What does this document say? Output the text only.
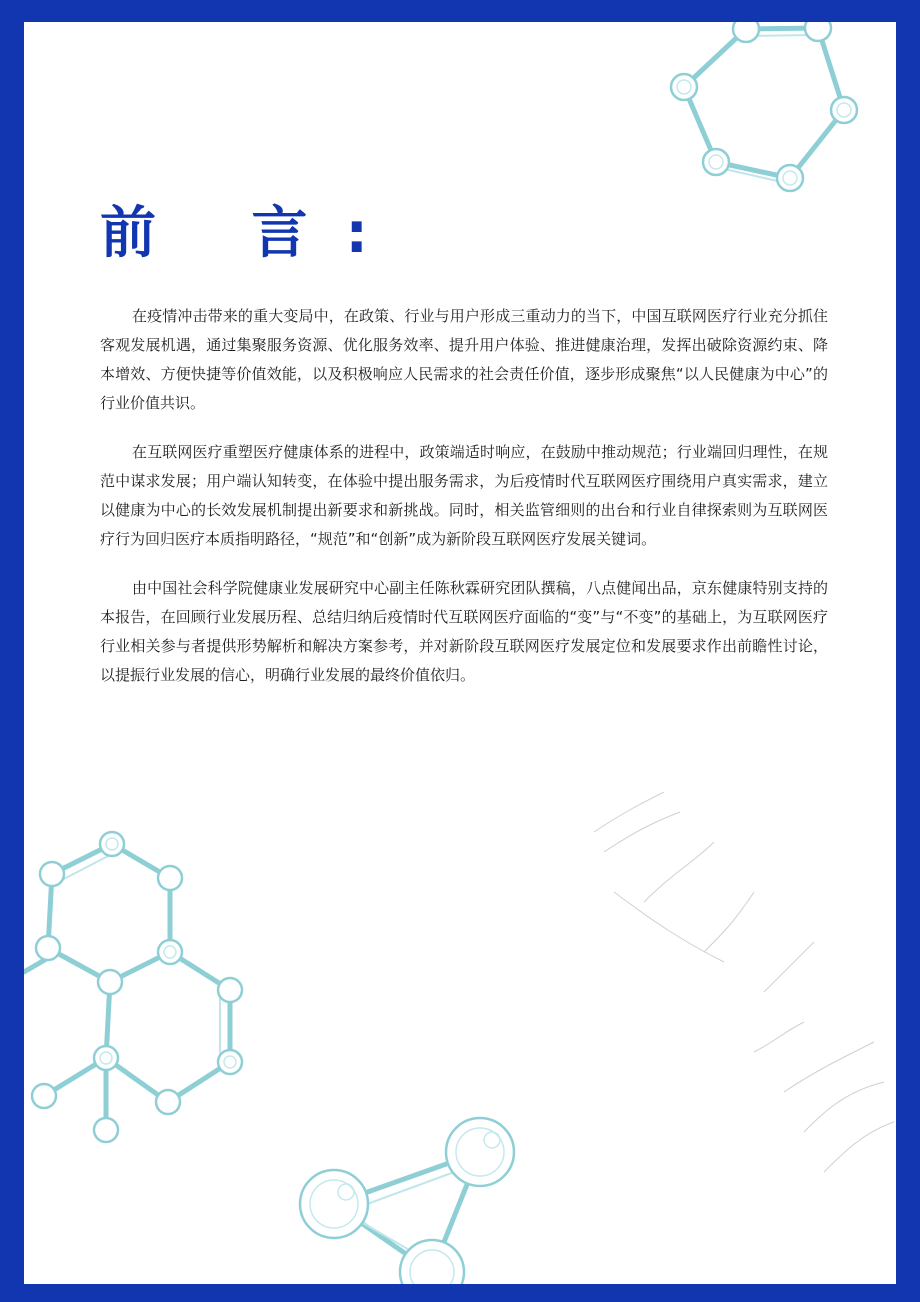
前 言:

在疫情冲击带来的重大变局中，在政策、行业与用户形成三重动力的当下，中国互联网医疗行业充分抓住客观发展机遇，通过集聚服务资源、优化服务效率、提升用户体验、推进健康治理，发挥出破除资源约束、降本增效、方便快捷等价值效能，以及积极响应人民需求的社会责任价值，逐步形成聚焦“以人民健康为中心”的行业价值共识。

在互联网医疗重塑医疗健康体系的进程中，政策端适时响应，在鼓励中推动规范；行业端回归理性，在规范中谋求发展；用户端认知转变，在体验中提出服务需求，为后疫情时代互联网医疗围绕用户真实需求，建立以健康为中心的长效发展机制提出新要求和新挑战。同时，相关监管细则的出台和行业自律探索则为互联网医疗行为回归医疗本质指明路径，“规范”和“创新”成为新阶段互联网医疗发展关键词。

由中国社会科学院健康业发展研究中心副主任陈秋霖研究团队撰稿，八点健闻出品，京东健康特别支持的本报告，在回顾行业发展历程、总结归纳后疫情时代互联网医疗面临的“变”与“不变”的基础上，为互联网医疗行业相关参与者提供形势解析和解决方案参考，并对新阶段互联网医疗发展定位和发展要求作出前瞻性讨论，以提振行业发展的信心，明确行业发展的最终价值依归。
